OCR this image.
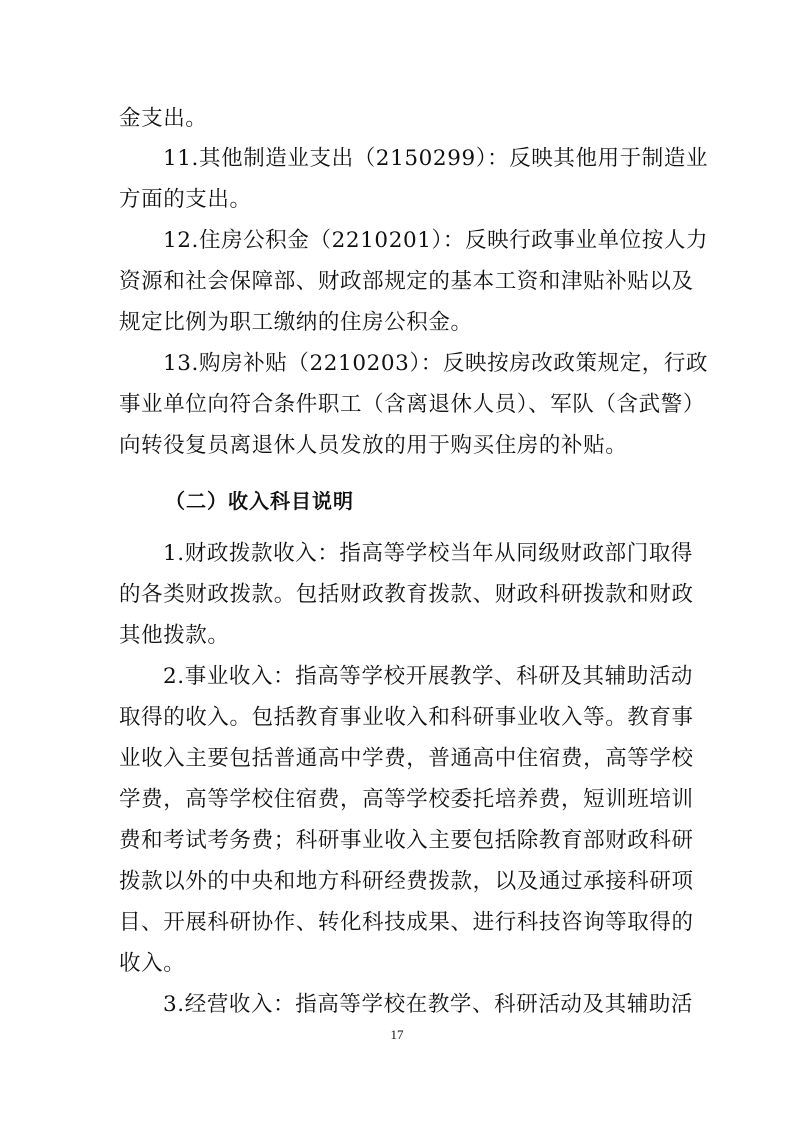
金支出。
11.其他制造业支出（2150299）：反映其他用于制造业
方面的支出。
12.住房公积金（2210201）：反映行政事业单位按人力
资源和社会保障部、财政部规定的基本工资和津贴补贴以及
规定比例为职工缴纳的住房公积金。
13.购房补贴（2210203）：反映按房改政策规定，行政
事业单位向符合条件职工（含离退休人员）、军队（含武警）
向转役复员离退休人员发放的用于购买住房的补贴。
（二）收入科目说明
1.财政拨款收入：指高等学校当年从同级财政部门取得
的各类财政拨款。包括财政教育拨款、财政科研拨款和财政
其他拨款。
2.事业收入：指高等学校开展教学、科研及其辅助活动
取得的收入。包括教育事业收入和科研事业收入等。教育事
业收入主要包括普通高中学费，普通高中住宿费，高等学校
学费，高等学校住宿费，高等学校委托培养费，短训班培训
费和考试考务费；科研事业收入主要包括除教育部财政科研
拨款以外的中央和地方科研经费拨款，以及通过承接科研项
目、开展科研协作、转化科技成果、进行科技咨询等取得的
收入。
3.经营收入：指高等学校在教学、科研活动及其辅助活
17
